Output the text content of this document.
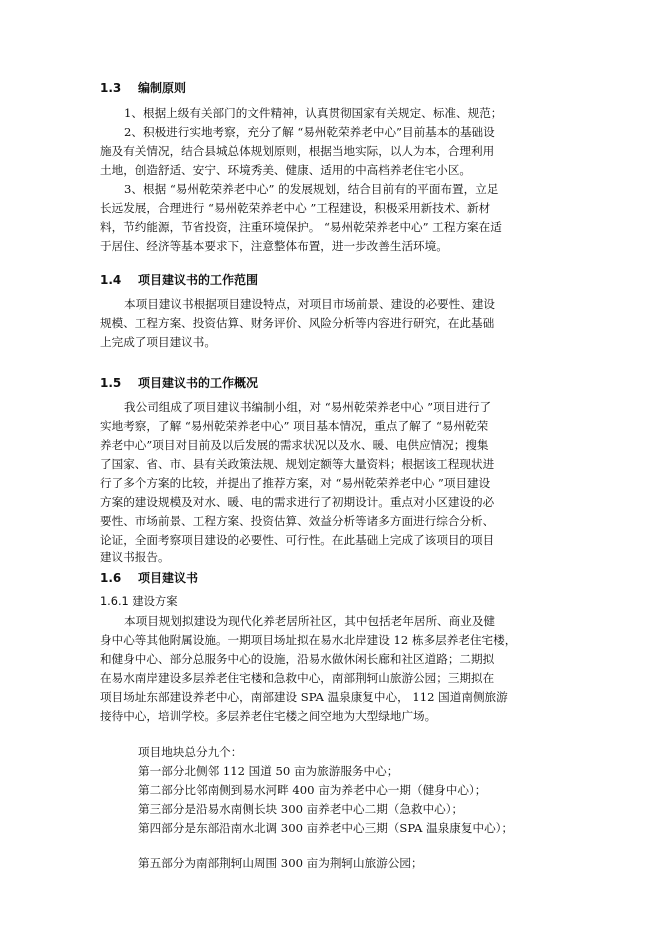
1.3 编制原则
1、根据上级有关部门的文件精神，认真贯彻国家有关规定、标准、规范；
2、积极进行实地考察，充分了解 “易州乾荣养老中心”目前基本的基础设
施及有关情况，结合县城总体规划原则，根据当地实际，以人为本，合理利用
土地，创造舒适、安宁、环境秀美、健康、适用的中高档养老住宅小区。
3、根据 “易州乾荣养老中心” 的发展规划，结合目前有的平面布置，立足
长远发展，合理进行 “易州乾荣养老中心 ”工程建设，积极采用新技术、新材
料，节约能源，节省投资，注重环境保护。 “易州乾荣养老中心” 工程方案在适
于居住、经济等基本要求下，注意整体布置，进一步改善生活环境。
1.4 项目建议书的工作范围
本项目建议书根据项目建设特点，对项目市场前景、建设的必要性、建设
规模、工程方案、投资估算、财务评价、风险分析等内容进行研究，在此基础
上完成了项目建议书。
1.5 项目建议书的工作概况
我公司组成了项目建议书编制小组，对 “易州乾荣养老中心 ”项目进行了
实地考察，了解 “易州乾荣养老中心” 项目基本情况，重点了解了 “易州乾荣
养老中心”项目对目前及以后发展的需求状况以及水、暖、电供应情况；搜集
了国家、省、市、县有关政策法规、规划定额等大量资料；根据该工程现状进
行了多个方案的比较，并提出了推荐方案，对 “易州乾荣养老中心 ”项目建设
方案的建设规模及对水、暖、电的需求进行了初期设计。重点对小区建设的必
要性、市场前景、工程方案、投资估算、效益分析等诸多方面进行综合分析、
论证，全面考察项目建设的必要性、可行性。在此基础上完成了该项目的项目
建议书报告。
1.6 项目建议书
1.6.1 建设方案
本项目规划拟建设为现代化养老居所社区，其中包括老年居所、商业及健
身中心等其他附属设施。一期项目场址拟在易水北岸建设 12 栋多层养老住宅楼，
和健身中心、部分总服务中心的设施，沿易水做休闲长廊和社区道路；二期拟
在易水南岸建设多层养老住宅楼和急救中心，南部荆轲山旅游公园；三期拟在
项目场址东部建设养老中心，南部建设 SPA 温泉康复中心， 112 国道南侧旅游
接待中心，培训学校。多层养老住宅楼之间空地为大型绿地广场。
项目地块总分九个：
第一部分北侧邻 112 国道 50 亩为旅游服务中心；
第二部分比邻南侧到易水河畔 400 亩为养老中心一期（健身中心）；
第三部分是沿易水南侧长块 300 亩养老中心二期（急救中心）；
第四部分是东部沿南水北调 300 亩养老中心三期（SPA 温泉康复中心）；
第五部分为南部荆轲山周围 300 亩为荆轲山旅游公园；
